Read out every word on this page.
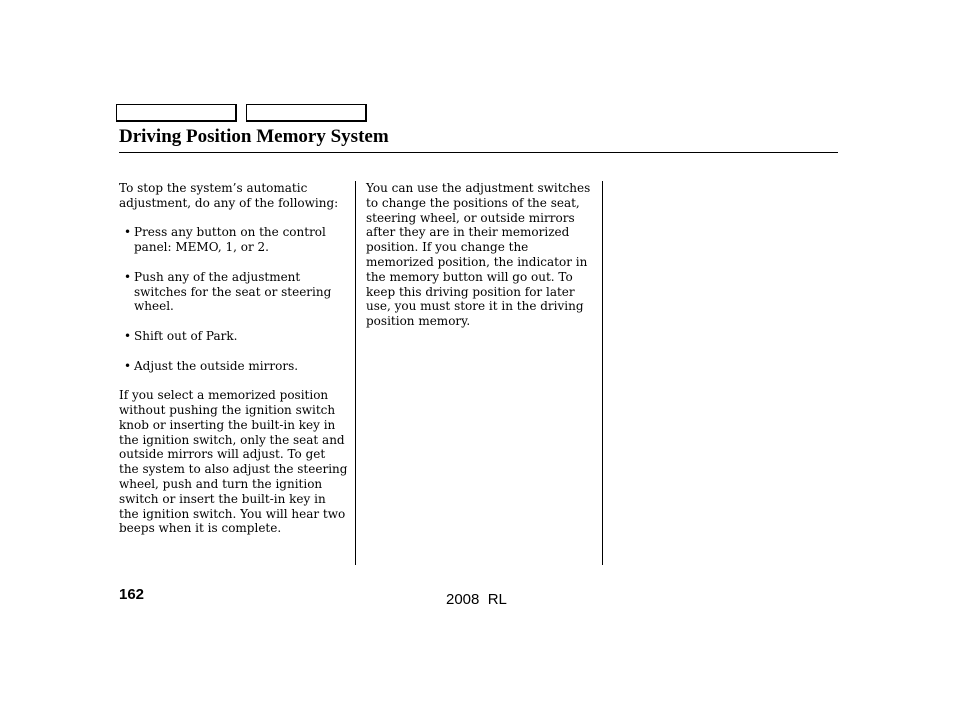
Driving Position Memory System
To stop the system’s automatic
adjustment, do any of the following:
• Press any button on the control
panel: MEMO, 1, or 2.
• Push any of the adjustment
switches for the seat or steering
wheel.
• Shift out of Park.
• Adjust the outside mirrors.
If you select a memorized position
without pushing the ignition switch
knob or inserting the built-in key in
the ignition switch, only the seat and
outside mirrors will adjust. To get
the system to also adjust the steering
wheel, push and turn the ignition
switch or insert the built-in key in
the ignition switch. You will hear two
beeps when it is complete.
You can use the adjustment switches
to change the positions of the seat,
steering wheel, or outside mirrors
after they are in their memorized
position. If you change the
memorized position, the indicator in
the memory button will go out. To
keep this driving position for later
use, you must store it in the driving
position memory.
162	2008  RL
